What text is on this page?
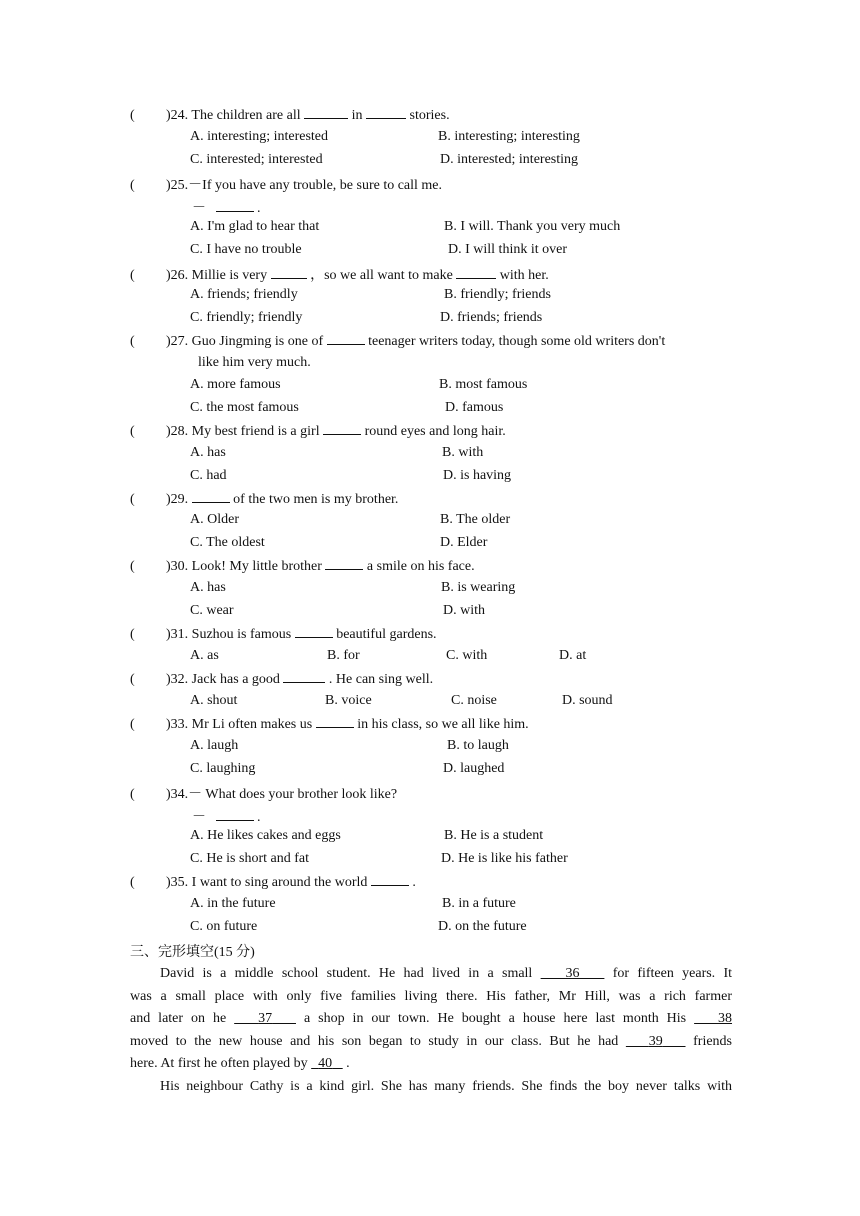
( )24. The children are all	in	stories.
A. interesting; interested	B. interesting; interesting
C. interested; interested	D. interested; interesting
( )25.－If you have any trouble, be sure to call me.
－	.
A. I'm glad to hear that	B. I will. Thank you very much
C. I have no trouble	D. I will think it over
( )26. Millie is very	，so we all want to make	with her.
A. friends; friendly	B. friendly; friends
C. friendly; friendly	D. friends; friends
( )27. Guo Jingming is one of	teenager writers today, though some old writers don't
like him very much.
A. more famous	B. most famous
C. the most famous	D. famous
( )28. My best friend is a girl	round eyes and long hair.
A. has	B. with
C. had	D. is having
( )29.	of the two men is my brother.
A. Older	B. The older
C. The oldest	D. Elder
( )30. Look! My little brother	a smile on his face.
A. has	B. is wearing
C. wear	D. with
( )31. Suzhou is famous	beautiful gardens.
A. as	B. for	C. with	D. at
( )32. Jack has a good	. He can sing well.
A. shout	B. voice	C. noise	D. sound
( )33. Mr Li often makes us	in his class, so we all like him.
A. laugh	B. to laugh
C. laughing	D. laughed
( )34.－ What does your brother look like?
－	.
A. He likes cakes and eggs	B. He is a student
C. He is short and fat	D. He is like his father
( )35. I want to sing around the world	.
A. in the future	B. in a future
C. on future	D. on the future
三、完形填空(15 分)
David is a middle school student. He had lived in a small    36    for fifteen years. It
was a small place with only five families living there. His father, Mr Hill, was a rich farmer
and later on he    37    a shop in our town. He bought a house here last month His    38
moved to the new house and his son began to study in our class. But he had    39    friends
here. At first he often played by   40    .
His neighbour Cathy is a kind girl. She has many friends. She finds the boy never talks with
